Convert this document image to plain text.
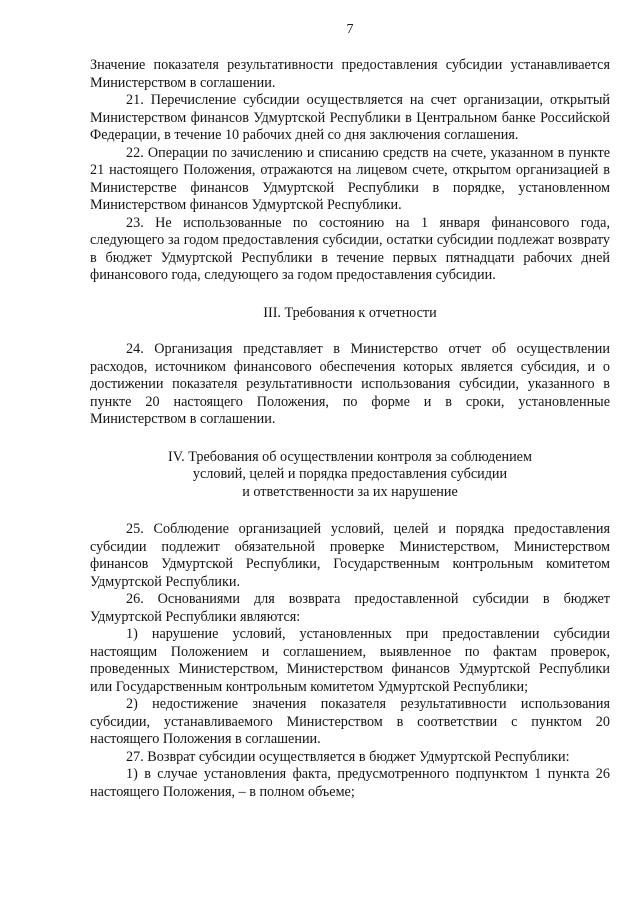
7

Значение показателя результативности предоставления субсидии устанавливается Министерством в соглашении.

21. Перечисление субсидии осуществляется на счет организации, открытый Министерством финансов Удмуртской Республики в Центральном банке Российской Федерации, в течение 10 рабочих дней со дня заключения соглашения.

22. Операции по зачислению и списанию средств на счете, указанном в пункте 21 настоящего Положения, отражаются на лицевом счете, открытом организацией в Министерстве финансов Удмуртской Республики в порядке, установленном Министерством финансов Удмуртской Республики.

23. Не использованные по состоянию на 1 января финансового года, следующего за годом предоставления субсидии, остатки субсидии подлежат возврату в бюджет Удмуртской Республики в течение первых пятнадцати рабочих дней финансового года, следующего за годом предоставления субсидии.

III. Требования к отчетности

24. Организация представляет в Министерство отчет об осуществлении расходов, источником финансового обеспечения которых является субсидия, и о достижении показателя результативности использования субсидии, указанного в пункте 20 настоящего Положения, по форме и в сроки, установленные Министерством в соглашении.

IV. Требования об осуществлении контроля за соблюдением

условий, целей и порядка предоставления субсидии

и ответственности за их нарушение

25. Соблюдение организацией условий, целей и порядка предоставления субсидии подлежит обязательной проверке Министерством, Министерством финансов Удмуртской Республики, Государственным контрольным комитетом Удмуртской Республики.

26. Основаниями для возврата предоставленной субсидии в бюджет Удмуртской Республики являются:

1) нарушение условий, установленных при предоставлении субсидии настоящим Положением и соглашением, выявленное по фактам проверок, проведенных Министерством, Министерством финансов Удмуртской Республики или Государственным контрольным комитетом Удмуртской Республики;

2) недостижение значения показателя результативности использования субсидии, устанавливаемого Министерством в соответствии с пунктом 20 настоящего Положения в соглашении.

27. Возврат субсидии осуществляется в бюджет Удмуртской Республики:

1) в случае установления факта, предусмотренного подпунктом 1 пункта 26 настоящего Положения, – в полном объеме;
